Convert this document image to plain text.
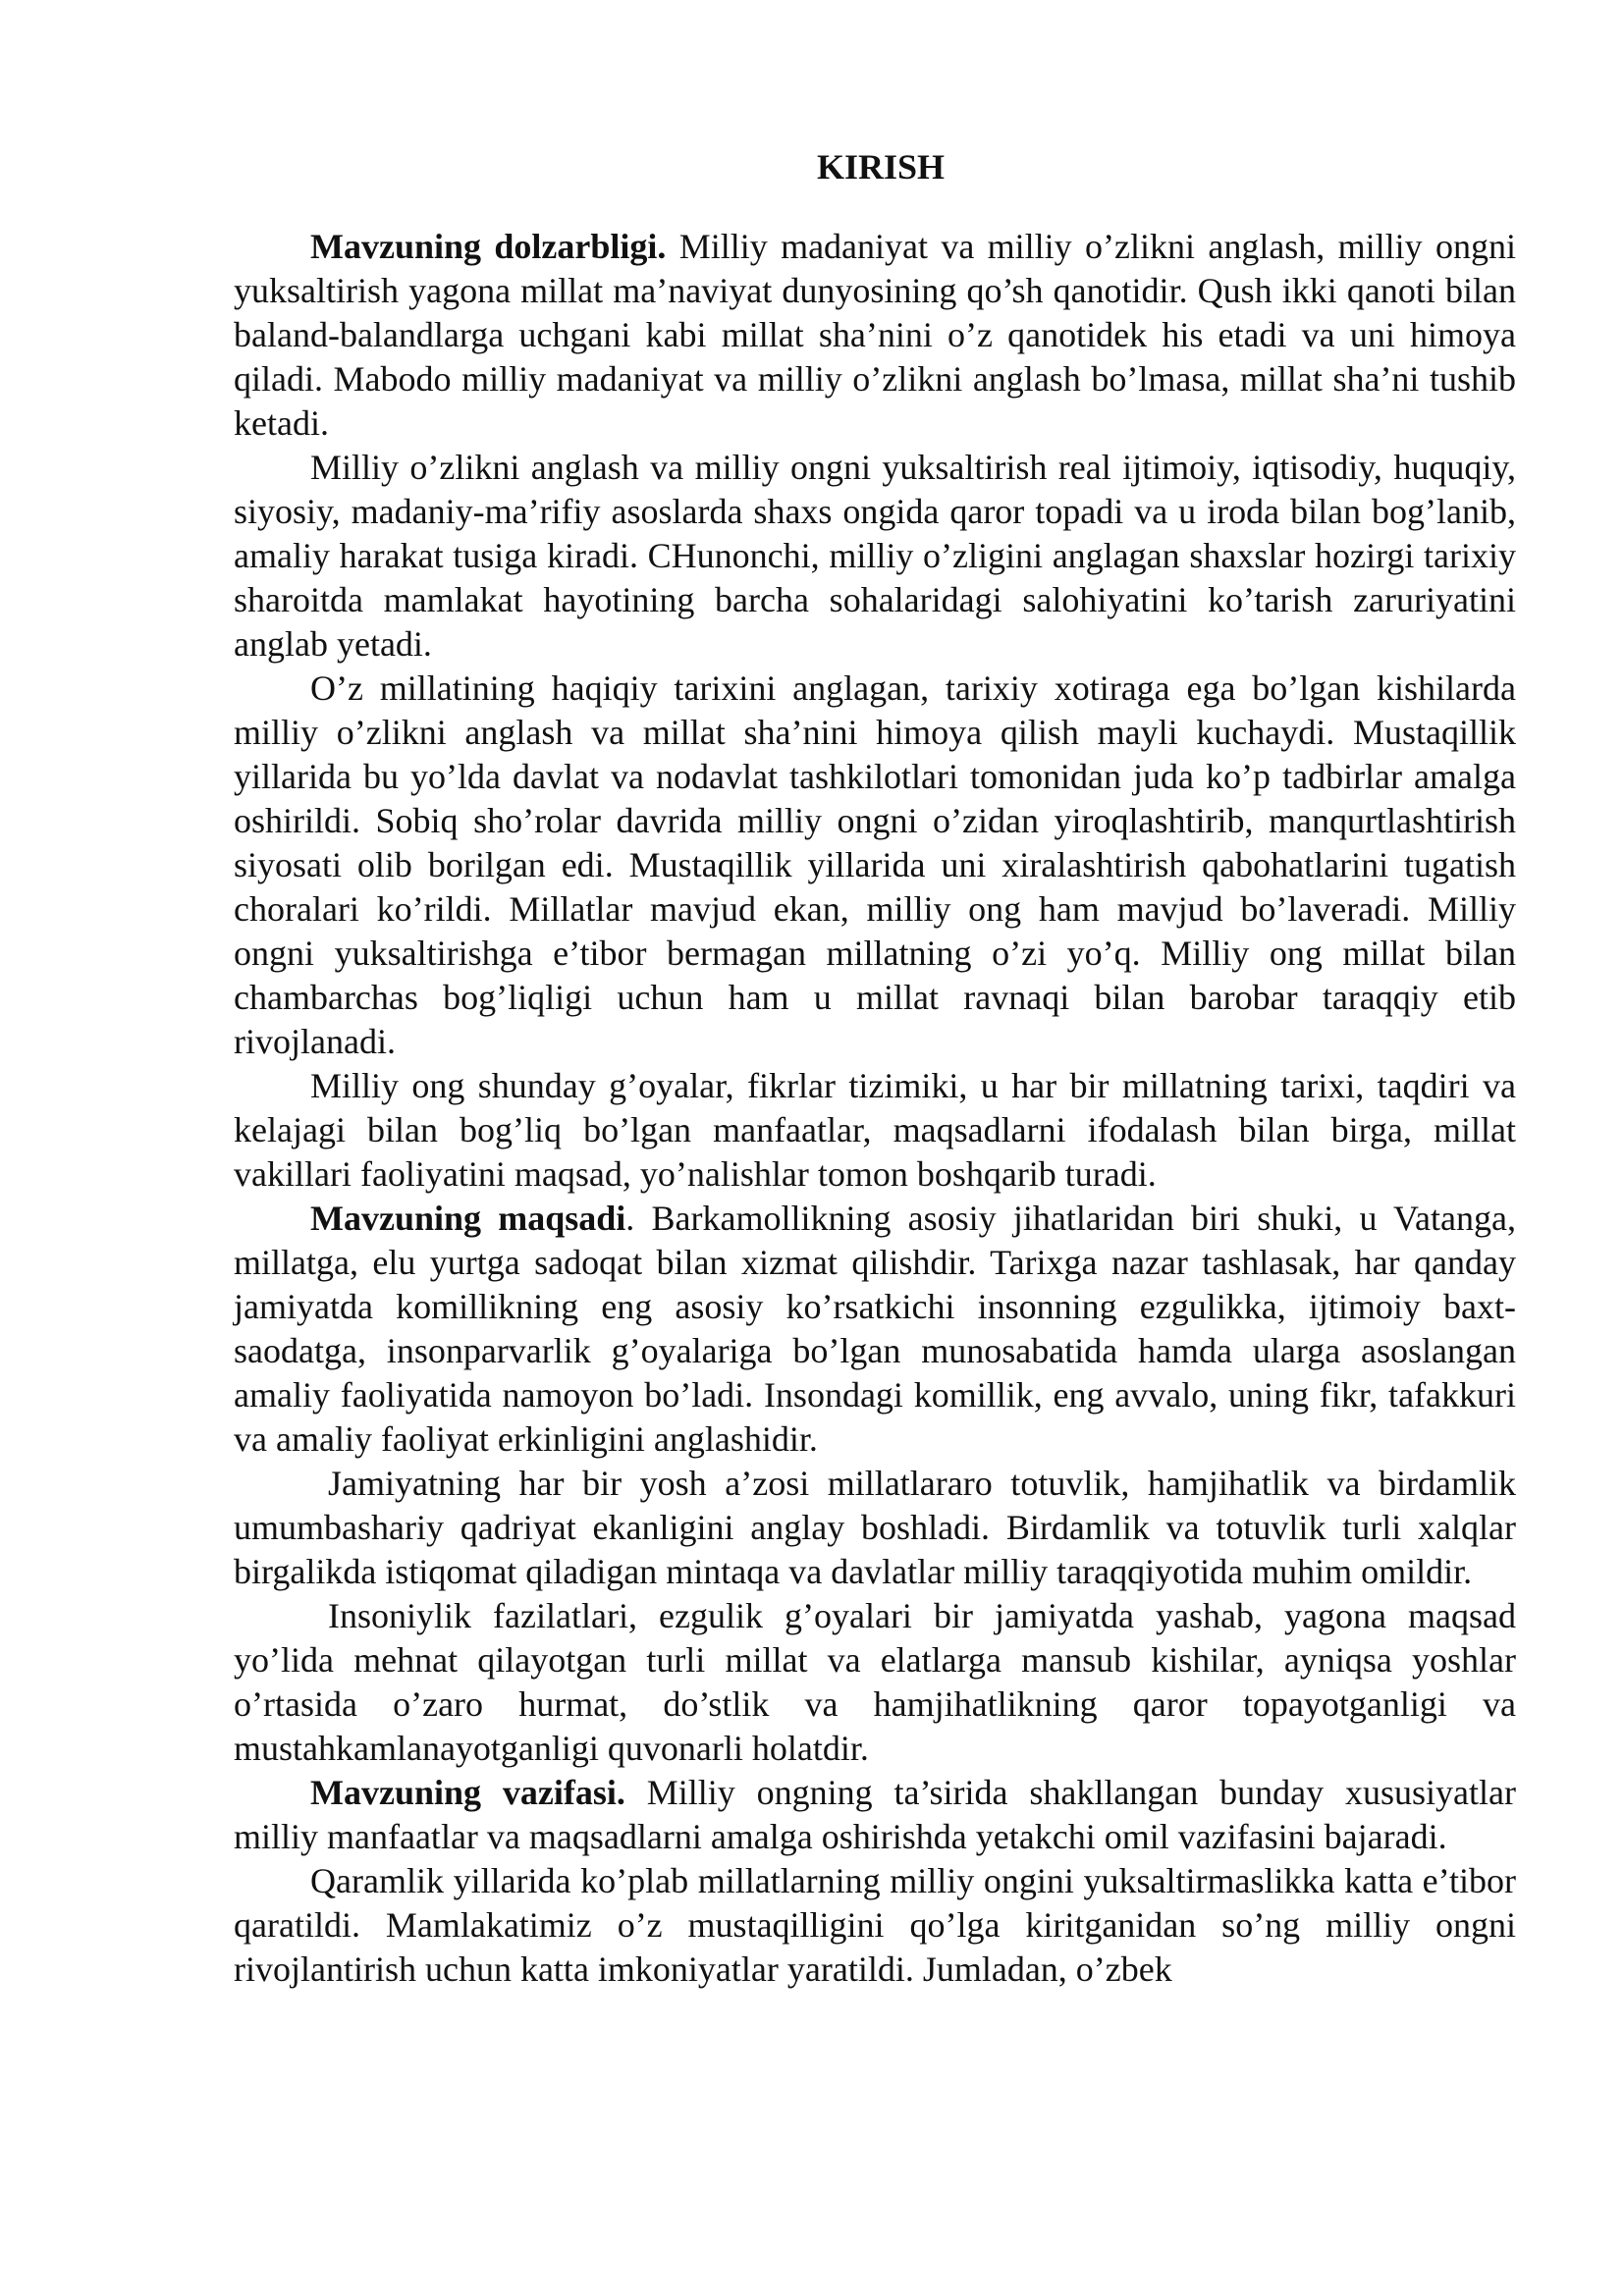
KIRISH

Mavzuning dolzarbligi. Milliy madaniyat va milliy o’zlikni anglash, milliy ongni yuksaltirish yagona millat ma’naviyat dunyosining qo’sh qanotidir. Qush ikki qanoti bilan baland-balandlarga uchgani kabi millat sha’nini o’z qanotidek his etadi va uni himoya qiladi. Mabodo milliy madaniyat va milliy o’zlikni anglash bo’lmasa, millat sha’ni tushib ketadi.

Milliy o’zlikni anglash va milliy ongni yuksaltirish real ijtimoiy, iqtisodiy, huquqiy, siyosiy, madaniy-ma’rifiy asoslarda shaxs ongida qaror topadi va u iroda bilan bog’lanib, amaliy harakat tusiga kiradi. CHunonchi, milliy o’zligini anglagan shaxslar hozirgi tarixiy sharoitda mamlakat hayotining barcha sohalaridagi salohiyatini ko’tarish zaruriyatini anglab yetadi.

O’z millatining haqiqiy tarixini anglagan, tarixiy xotiraga ega bo’lgan kishilarda milliy o’zlikni anglash va millat sha’nini himoya qilish mayli kuchaydi. Mustaqillik yillarida bu yo’lda davlat va nodavlat tashkilotlari tomonidan juda ko’p tadbirlar amalga oshirildi. Sobiq sho’rolar davrida milliy ongni o’zidan yiroqlashtirib, manqurtlashtirish siyosati olib borilgan edi. Mustaqillik yillarida uni xiralashtirish qabohatlarini tugatish choralari ko’rildi. Millatlar mavjud ekan, milliy ong ham mavjud bo’laveradi. Milliy ongni yuksaltirishga e’tibor bermagan millatning o’zi yo’q. Milliy ong millat bilan chambarchas bog’liqligi uchun ham u millat ravnaqi bilan barobar taraqqiy etib rivojlanadi.

Milliy ong shunday g’oyalar, fikrlar tizimiki, u har bir millatning tarixi, taqdiri va kelajagi bilan bog’liq bo’lgan manfaatlar, maqsadlarni ifodalash bilan birga, millat vakillari faoliyatini maqsad, yo’nalishlar tomon boshqarib turadi.

Mavzuning maqsadi. Barkamollikning asosiy jihatlaridan biri shuki, u Vatanga, millatga, elu yurtga sadoqat bilan xizmat qilishdir. Tarixga nazar tashlasak, har qanday jamiyatda komillikning eng asosiy ko’rsatkichi insonning ezgulikka, ijtimoiy baxt-saodatga, insonparvarlik g’oyalariga bo’lgan munosabatida hamda ularga asoslangan amaliy faoliyatida namoyon bo’ladi. Insondagi komillik, eng avvalo, uning fikr, tafakkuri va amaliy faoliyat erkinligini anglashidir.

Jamiyatning har bir yosh a’zosi millatlararo totuvlik, hamjihatlik va birdamlik umumbashariy qadriyat ekanligini anglay boshladi. Birdamlik va totuvlik turli xalqlar birgalikda istiqomat qiladigan mintaqa va davlatlar milliy taraqqiyotida muhim omildir.

Insoniylik fazilatlari, ezgulik g’oyalari bir jamiyatda yashab, yagona maqsad yo’lida mehnat qilayotgan turli millat va elatlarga mansub kishilar, ayniqsa yoshlar o’rtasida o’zaro hurmat, do’stlik va hamjihatlikning qaror topayotganligi va mustahkamlanayotganligi quvonarli holatdir.

Mavzuning vazifasi. Milliy ongning ta’sirida shakllangan bunday xususiyatlar milliy manfaatlar va maqsadlarni amalga oshirishda yetakchi omil vazifasini bajaradi.

Qaramlik yillarida ko’plab millatlarning milliy ongini yuksaltirmaslikka katta e’tibor qaratildi. Mamlakatimiz o’z mustaqilligini qo’lga kiritganidan so’ng milliy ongni rivojlantirish uchun katta imkoniyatlar yaratildi. Jumladan, o’zbek
